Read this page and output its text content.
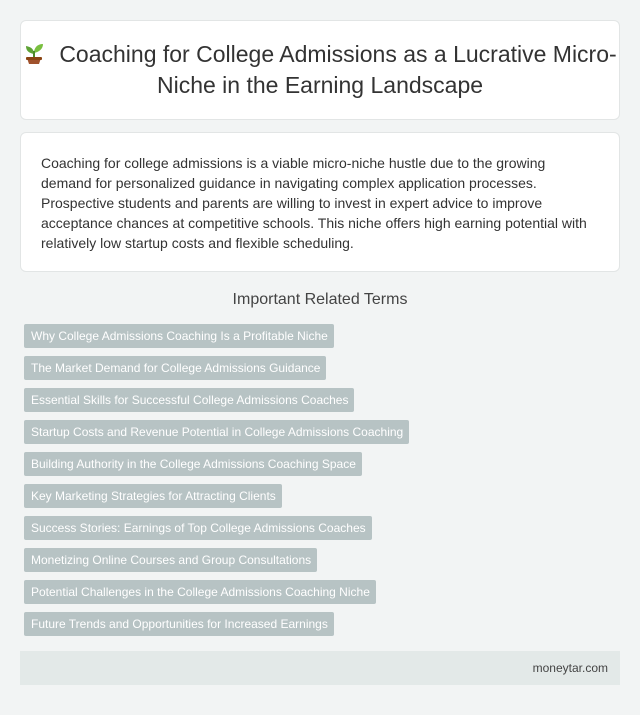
Coaching for College Admissions as a Lucrative Micro-Niche in the Earning Landscape

Coaching for college admissions is a viable micro-niche hustle due to the growing demand for personalized guidance in navigating complex application processes. Prospective students and parents are willing to invest in expert advice to improve acceptance chances at competitive schools. This niche offers high earning potential with relatively low startup costs and flexible scheduling.

Important Related Terms
Why College Admissions Coaching Is a Profitable Niche
The Market Demand for College Admissions Guidance
Essential Skills for Successful College Admissions Coaches
Startup Costs and Revenue Potential in College Admissions Coaching
Building Authority in the College Admissions Coaching Space
Key Marketing Strategies for Attracting Clients
Success Stories: Earnings of Top College Admissions Coaches
Monetizing Online Courses and Group Consultations
Potential Challenges in the College Admissions Coaching Niche
Future Trends and Opportunities for Increased Earnings
moneytar.com
